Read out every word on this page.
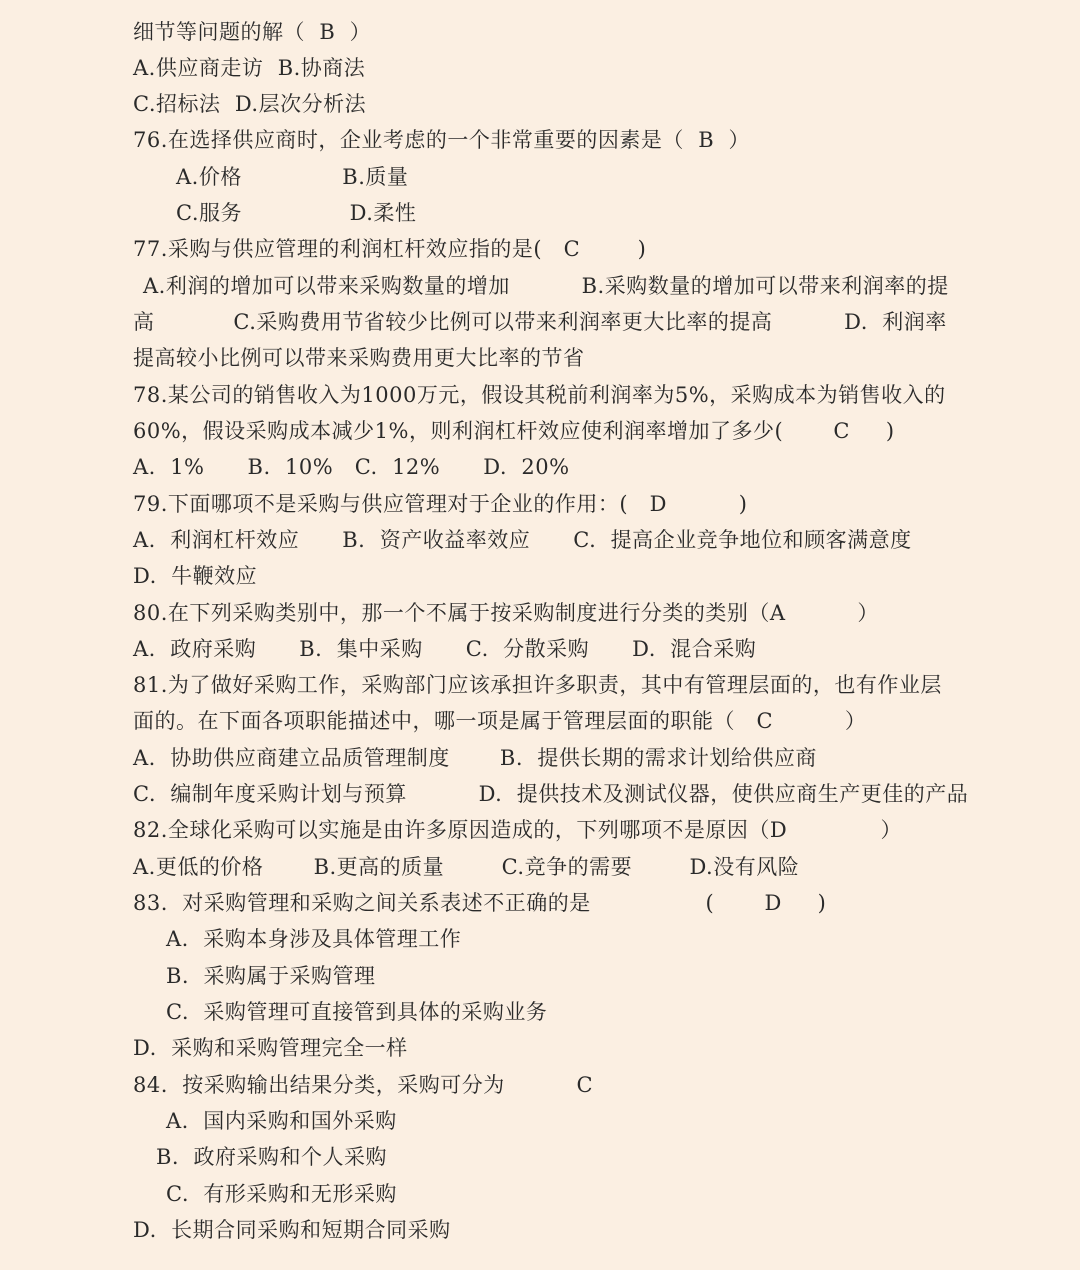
细节等问题的解（  B  ）
A.供应商走访  B.协商法
C.招标法  D.层次分析法
76.在选择供应商时，企业考虑的一个非常重要的因素是（  B  ）
A.价格              B.质量
C.服务               D.柔性
77.采购与供应管理的利润杠杆效应指的是(   C        )
A.利润的增加可以带来采购数量的增加          B.采购数量的增加可以带来利润率的提
高           C.采购费用节省较少比例可以带来利润率更大比率的提高          D.  利润率
提高较小比例可以带来采购费用更大比率的节省
78.某公司的销售收入为1000万元，假设其税前利润率为5%，采购成本为销售收入的
60%，假设采购成本减少1%，则利润杠杆效应使利润率增加了多少(       C     )
A.  1%      B.  10%   C.  12%      D.  20%
79.下面哪项不是采购与供应管理对于企业的作用：(   D          )
A.  利润杠杆效应      B.  资产收益率效应      C.  提高企业竞争地位和顾客满意度
D.  牛鞭效应
80.在下列采购类别中，那一个不属于按采购制度进行分类的类别（A          ）
A.  政府采购      B.  集中采购      C.  分散采购      D.  混合采购
81.为了做好采购工作，采购部门应该承担许多职责，其中有管理层面的，也有作业层
面的。在下面各项职能描述中，哪一项是属于管理层面的职能（   C          ）
A.  协助供应商建立品质管理制度       B.  提供长期的需求计划给供应商
C.  编制年度采购计划与预算          D.  提供技术及测试仪器，使供应商生产更佳的产品
82.全球化采购可以实施是由许多原因造成的，下列哪项不是原因（D             ）
A.更低的价格       B.更高的质量        C.竞争的需要        D.没有风险
83.  对采购管理和采购之间关系表述不正确的是                (       D     )
A.  采购本身涉及具体管理工作
B.  采购属于采购管理
C.  采购管理可直接管到具体的采购业务
D.  采购和采购管理完全一样
84.  按采购输出结果分类，采购可分为          C
A.  国内采购和国外采购
B.  政府采购和个人采购
C.  有形采购和无形采购
D.  长期合同采购和短期合同采购
